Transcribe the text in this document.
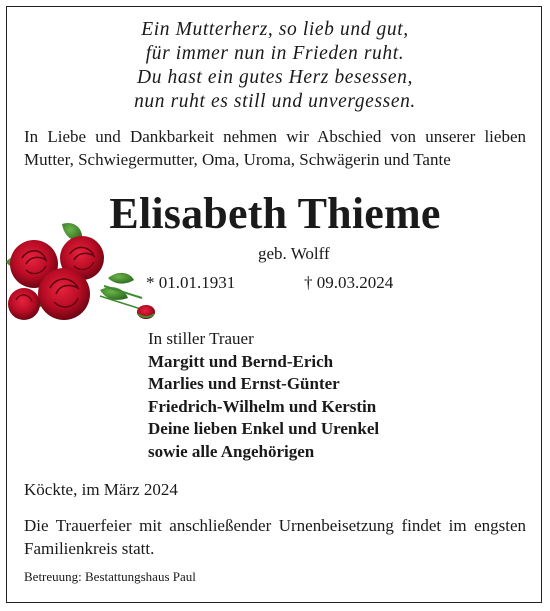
Ein Mutterherz, so lieb und gut,
für immer nun in Frieden ruht.
Du hast ein gutes Herz besessen,
nun ruht es still und unvergessen.
In Liebe und Dankbarkeit nehmen wir Abschied von unserer lieben Mutter, Schwiegermutter, Oma, Uroma, Schwägerin und Tante
Elisabeth Thieme
geb. Wolff
* 01.01.1931	† 09.03.2024
In stiller Trauer
Margitt und Bernd-Erich
Marlies und Ernst-Günter
Friedrich-Wilhelm und Kerstin
Deine lieben Enkel und Urenkel
sowie alle Angehörigen
Köckte, im März 2024
Die Trauerfeier mit anschließender Urnenbeisetzung findet im engsten Familienkreis statt.
Betreuung: Bestattungshaus Paul
